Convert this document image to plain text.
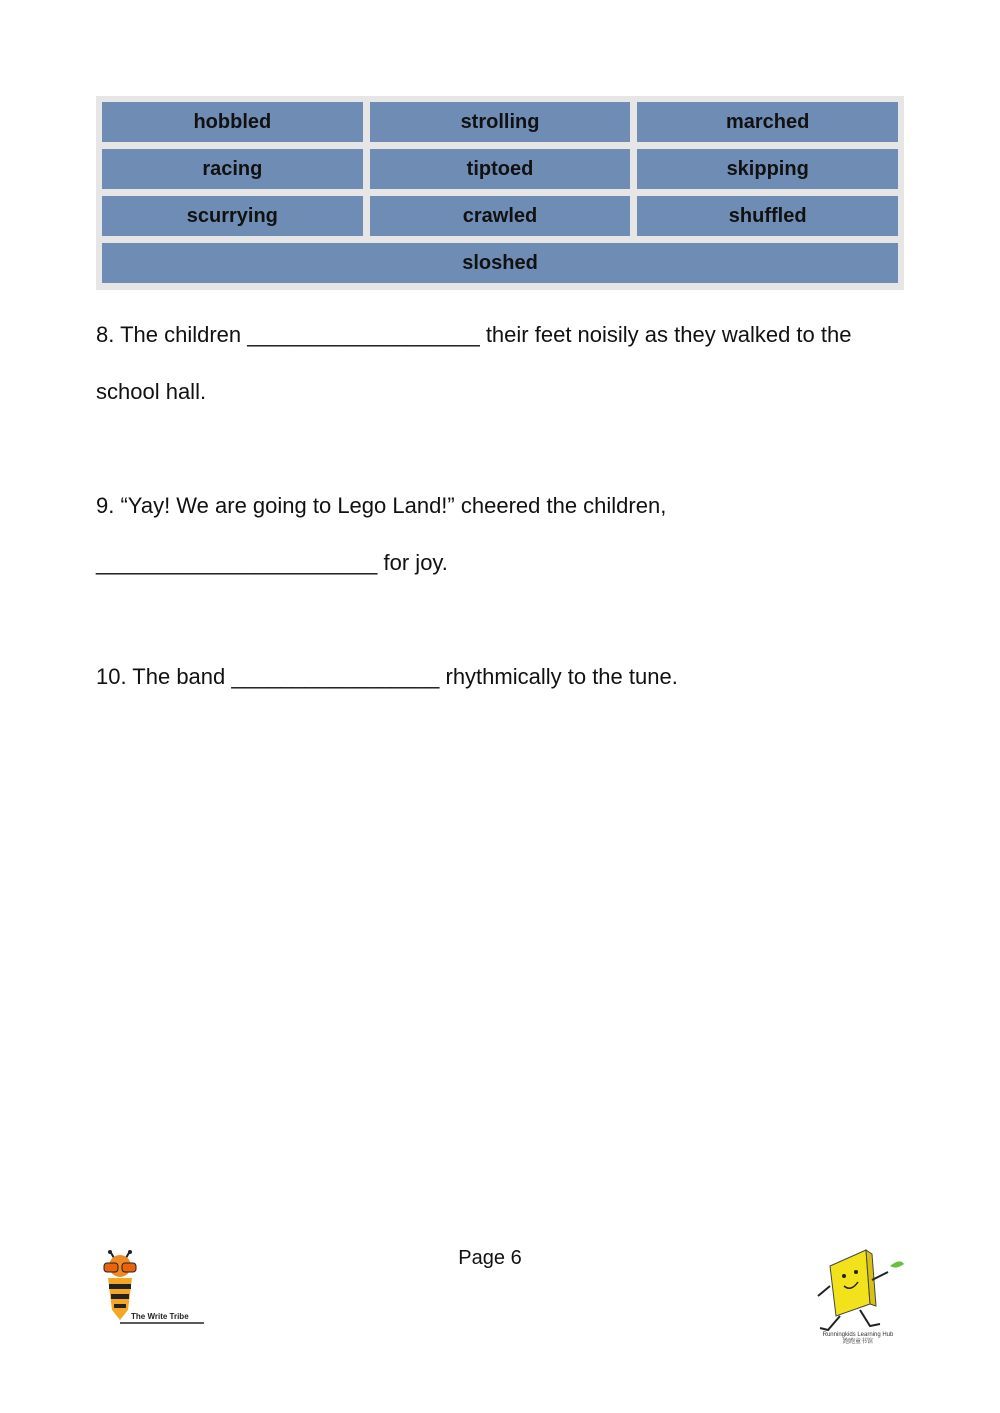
hobbled	strolling	marched
racing	tiptoed	skipping
scurrying	crawled	shuffled
sloshed
8. The children ___________________ their feet noisily as they walked to the
school hall.
9. “Yay! We are going to Lego Land!” cheered the children,
_______________________ for joy.
10. The band _________________ rhythmically to the tune.
Page 6
The Write Tribe
Runningkids Learning Hub
跑跑童书馆
